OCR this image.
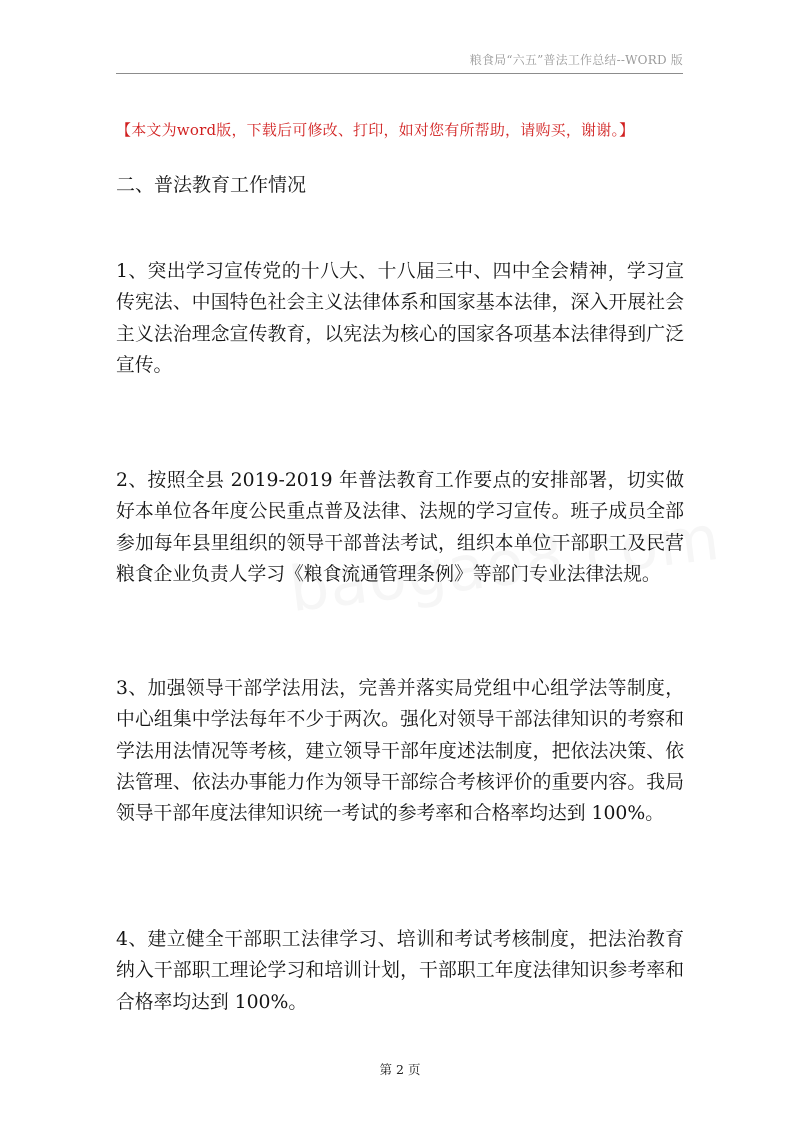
粮食局“六五”普法工作总结--WORD 版
【本文为word版，下载后可修改、打印，如对您有所帮助，请购买，谢谢。】
二、普法教育工作情况

1、突出学习宣传党的十八大、十八届三中、四中全会精神，学习宣传宪法、中国特色社会主义法律体系和国家基本法律，深入开展社会主义法治理念宣传教育，以宪法为核心的国家各项基本法律得到广泛宣传。

2、按照全县 2019-2019 年普法教育工作要点的安排部署，切实做好本单位各年度公民重点普及法律、法规的学习宣传。班子成员全部参加每年县里组织的领导干部普法考试，组织本单位干部职工及民营粮食企业负责人学习《粮食流通管理条例》等部门专业法律法规。

3、加强领导干部学法用法，完善并落实局党组中心组学法等制度，中心组集中学法每年不少于两次。强化对领导干部法律知识的考察和学法用法情况等考核，建立领导干部年度述法制度，把依法决策、依法管理、依法办事能力作为领导干部综合考核评价的重要内容。我局领导干部年度法律知识统一考试的参考率和合格率均达到 100%。

4、建立健全干部职工法律学习、培训和考试考核制度，把法治教育纳入干部职工理论学习和培训计划，干部职工年度法律知识参考率和合格率均达到 100%。

第 2 页
